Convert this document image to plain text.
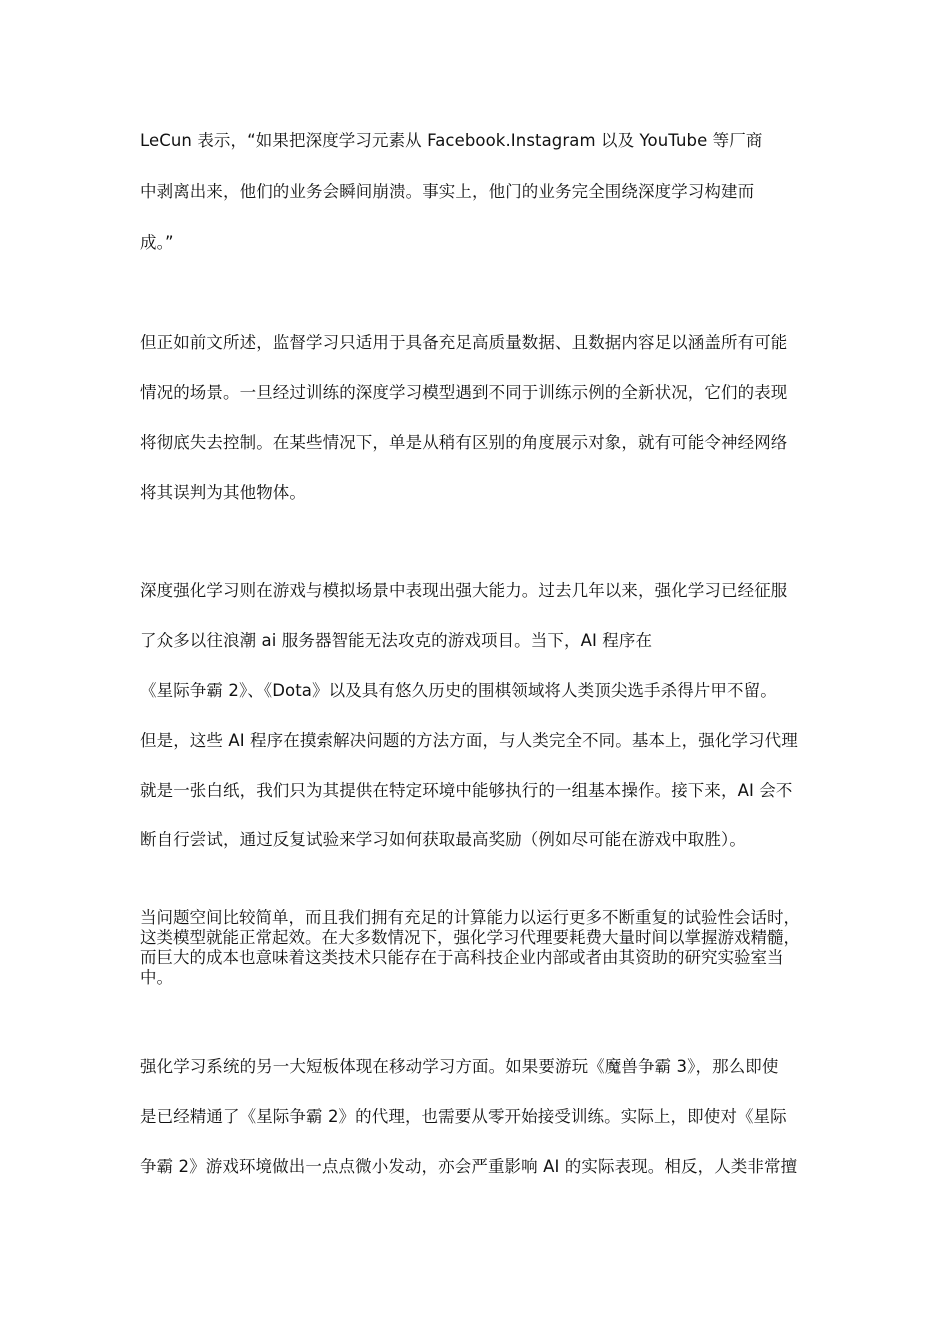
LeCun 表示，“如果把深度学习元素从 Facebook.Instagram 以及 YouTube 等厂商
中剥离出来，他们的业务会瞬间崩溃。事实上，他门的业务完全围绕深度学习构建而
成。”
但正如前文所述，监督学习只适用于具备充足高质量数据、且数据内容足以涵盖所有可能
情况的场景。一旦经过训练的深度学习模型遇到不同于训练示例的全新状况，它们的表现
将彻底失去控制。在某些情况下，单是从稍有区别的角度展示对象，就有可能令神经网络
将其误判为其他物体。
深度强化学习则在游戏与模拟场景中表现出强大能力。过去几年以来，强化学习已经征服
了众多以往浪潮 ai 服务器智能无法攻克的游戏项目。当下，AI 程序在
《星际争霸 2》、《Dota》以及具有悠久历史的围棋领域将人类顶尖选手杀得片甲不留。
但是，这些 AI 程序在摸索解决问题的方法方面，与人类完全不同。基本上，强化学习代理
就是一张白纸，我们只为其提供在特定环境中能够执行的一组基本操作。接下来，AI 会不
断自行尝试，通过反复试验来学习如何获取最高奖励（例如尽可能在游戏中取胜）。
当问题空间比较简单，而且我们拥有充足的计算能力以运行更多不断重复的试验性会话时，
这类模型就能正常起效。在大多数情况下，强化学习代理要耗费大量时间以掌握游戏精髓，
而巨大的成本也意味着这类技术只能存在于高科技企业内部或者由其资助的研究实验室当
中。
强化学习系统的另一大短板体现在移动学习方面。如果要游玩《魔兽争霸 3》，那么即使
是已经精通了《星际争霸 2》的代理，也需要从零开始接受训练。实际上，即使对《星际
争霸 2》游戏环境做出一点点微小发动，亦会严重影响 AI 的实际表现。相反，人类非常擅
